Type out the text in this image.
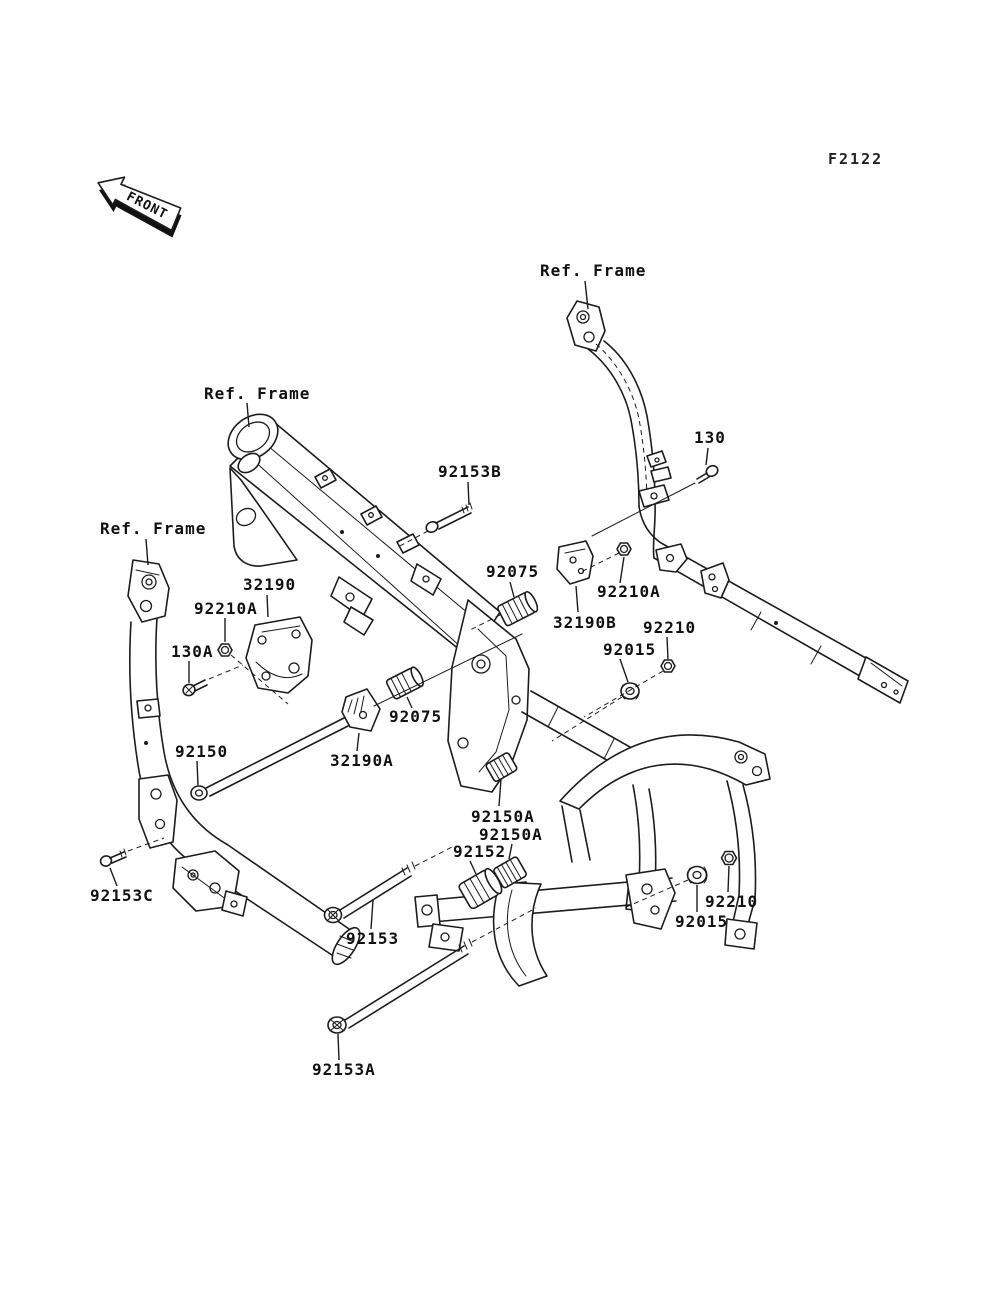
F2122
Ref. Frame
Ref. Frame
Ref. Frame
130
92153B
92075
32190	92210A
92210A
32190B 92210
92015
130A
92075
92150	32190A
92150A
92150A
92152
92153C	92210
92015
92153
92153A
FRONT
